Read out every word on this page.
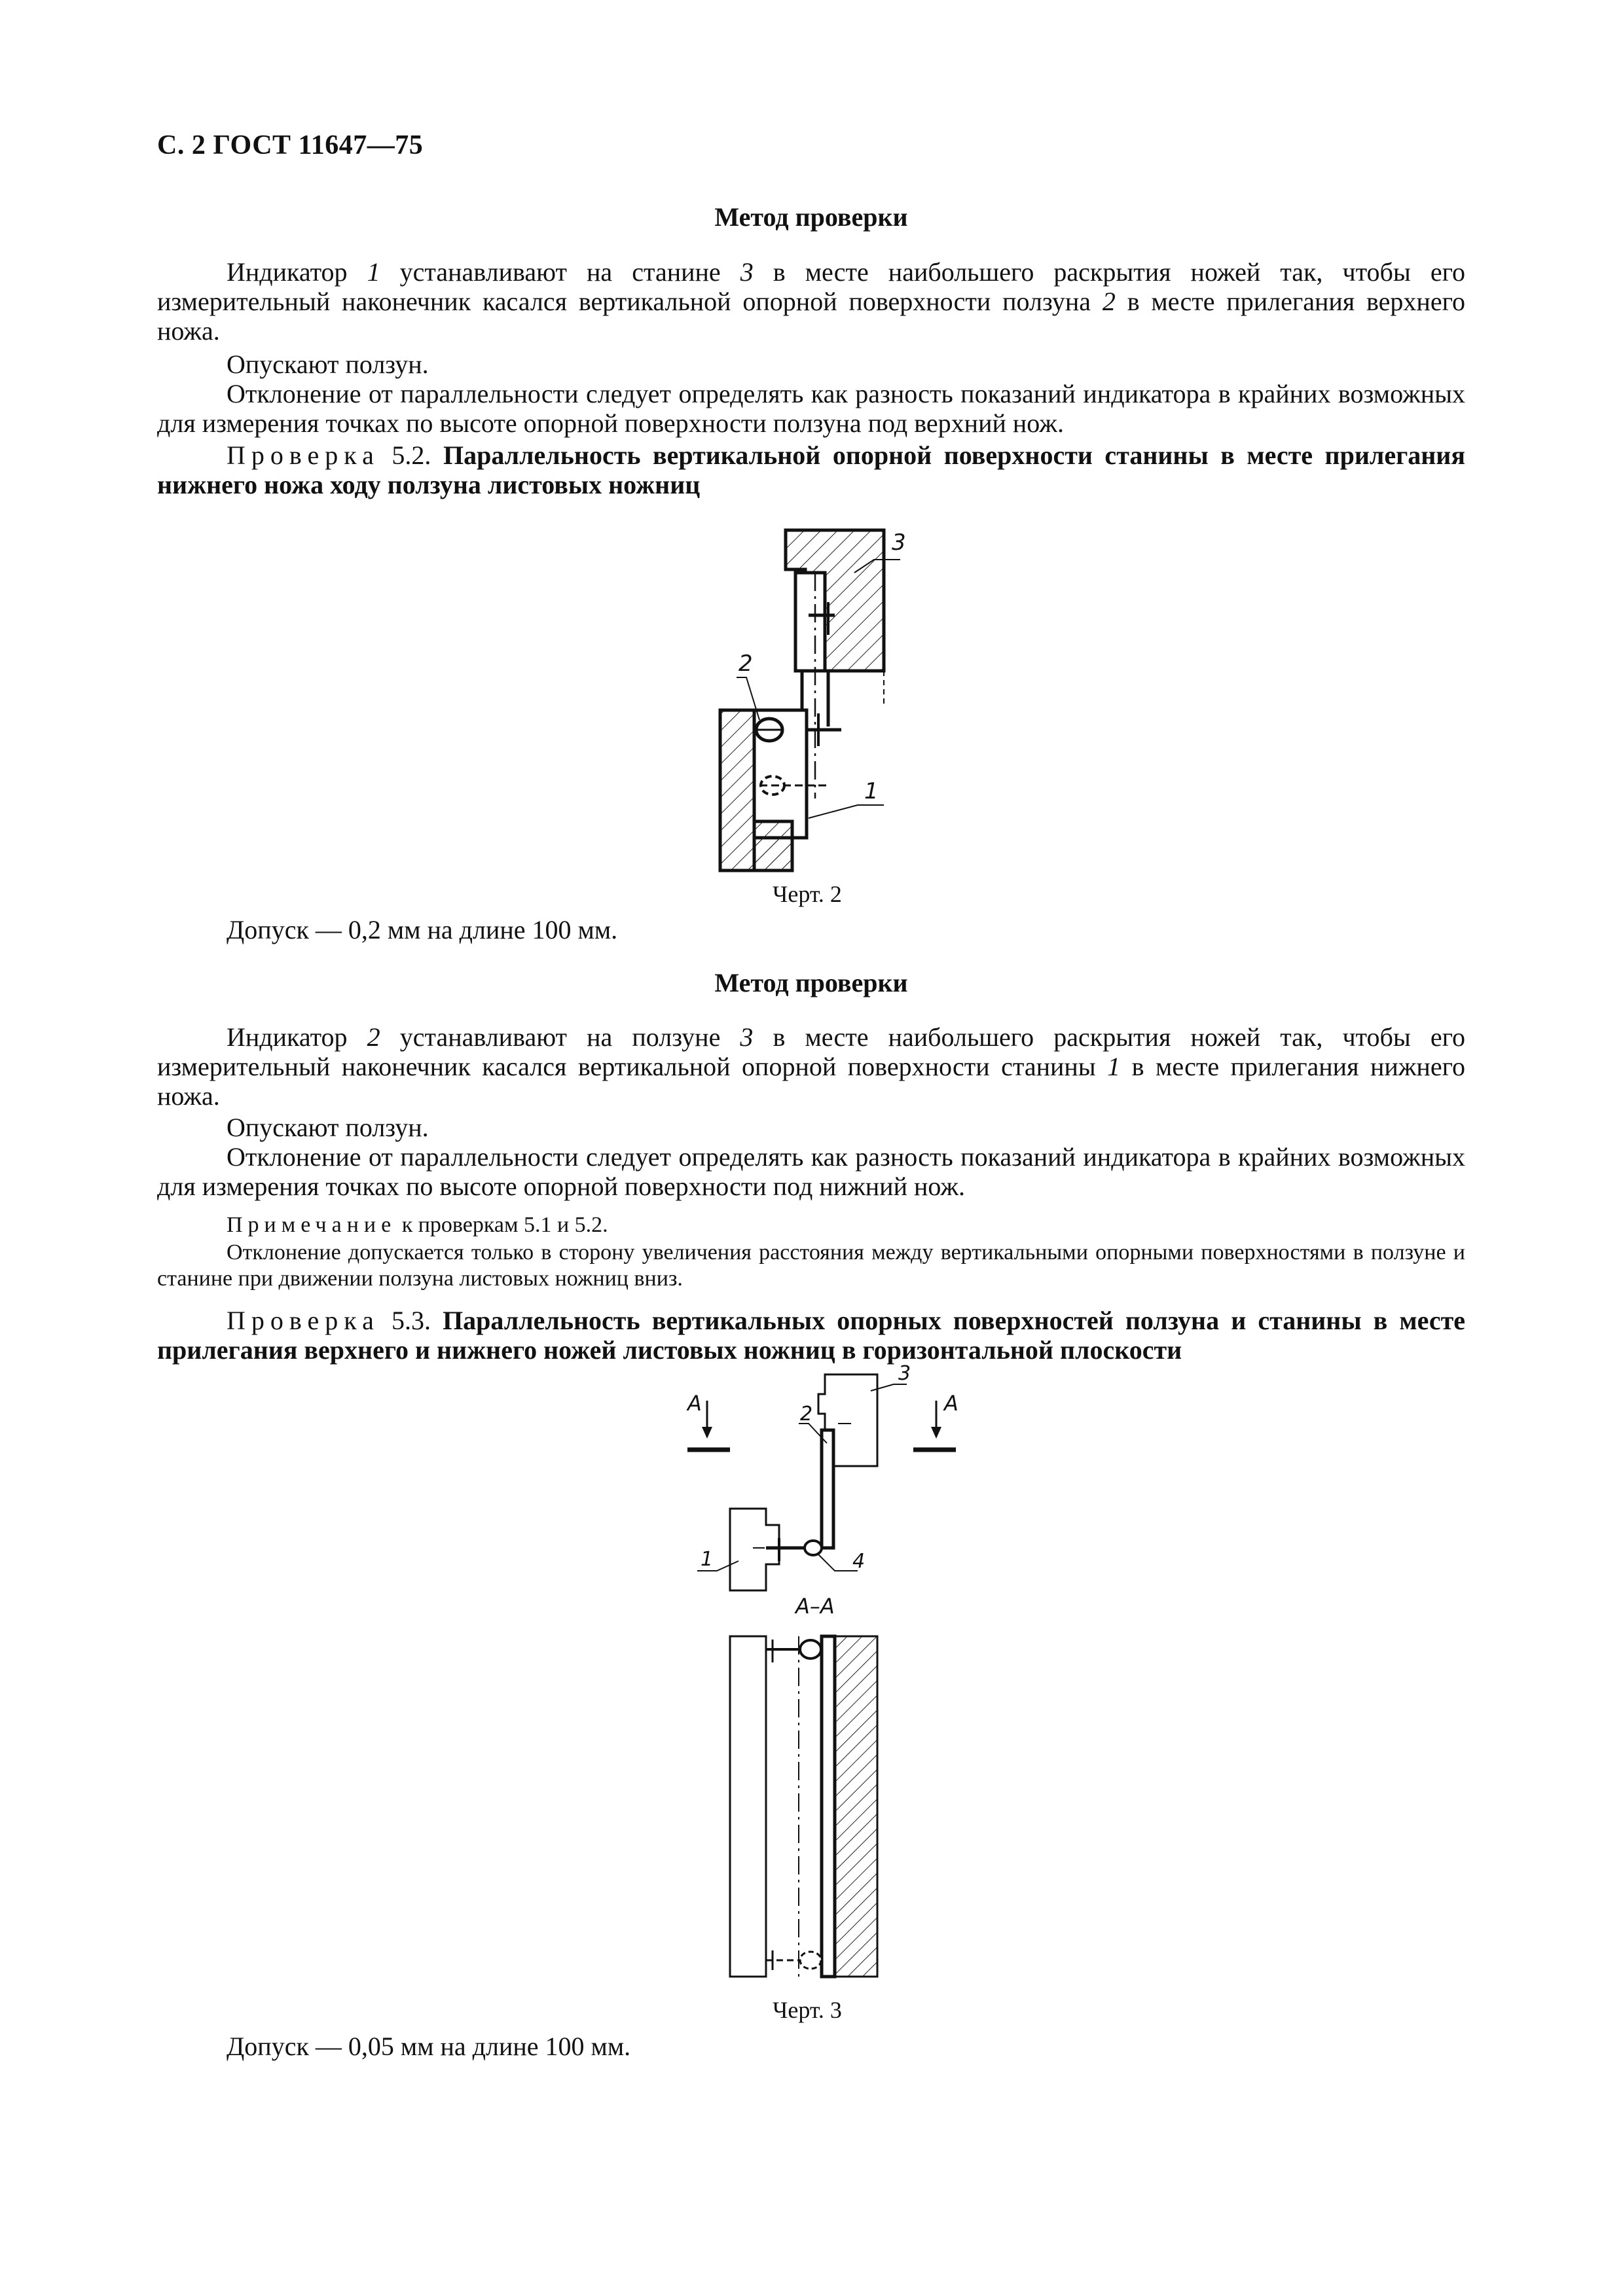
С. 2 ГОСТ 11647—75
Метод проверки
Индикатор 1 устанавливают на станине 3 в месте наибольшего раскрытия ножей так, чтобы его измерительный наконечник касался вертикальной опорной поверхности ползуна 2 в месте прилегания верхнего ножа.
Опускают ползун.
Отклонение от параллельности следует определять как разность показаний индикатора в крайних возможных для измерения точках по высоте опорной поверхности ползуна под верхний нож.
Проверка 5.2. Параллельность вертикальной опорной поверхности станины в месте прилегания нижнего ножа ходу ползуна листовых ножниц
3
2
1
Черт. 2
Допуск — 0,2 мм на длине 100 мм.
Метод проверки
Индикатор 2 устанавливают на ползуне 3 в месте наибольшего раскрытия ножей так, чтобы его измерительный наконечник касался вертикальной опорной поверхности станины 1 в месте прилегания нижнего ножа.
Опускают ползун.
Отклонение от параллельности следует определять как разность показаний индикатора в крайних возможных для измерения точках по высоте опорной поверхности под нижний нож.
Примечание к проверкам 5.1 и 5.2.
Отклонение допускается только в сторону увеличения расстояния между вертикальными опорными поверхностями в ползуне и станине при движении ползуна листовых ножниц вниз.
Проверка 5.3. Параллельность вертикальных опорных поверхностей ползуна и станины в месте прилегания верхнего и нижнего ножей листовых ножниц в горизонтальной плоскости
A	A
3
2
1	4
A–A
Черт. 3
Допуск — 0,05 мм на длине 100 мм.
